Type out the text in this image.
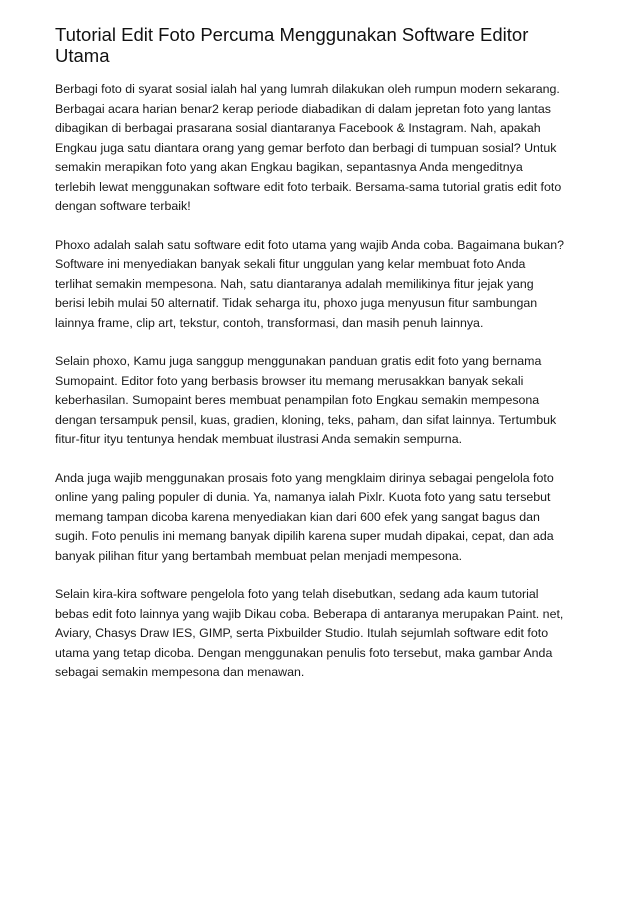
Tutorial Edit Foto Percuma Menggunakan Software Editor
Utama

Berbagi foto di syarat sosial ialah hal yang lumrah dilakukan oleh rumpun modern sekarang.
Berbagai acara harian benar2 kerap periode diabadikan di dalam jepretan foto yang lantas
dibagikan di berbagai prasarana sosial diantaranya Facebook & Instagram. Nah, apakah
Engkau juga satu diantara orang yang gemar berfoto dan berbagi di tumpuan sosial? Untuk
semakin merapikan foto yang akan Engkau bagikan, sepantasnya Anda mengeditnya
terlebih lewat menggunakan software edit foto terbaik. Bersama-sama tutorial gratis edit foto
dengan software terbaik!

Phoxo adalah salah satu software edit foto utama yang wajib Anda coba. Bagaimana bukan?
Software ini menyediakan banyak sekali fitur unggulan yang kelar membuat foto Anda
terlihat semakin mempesona. Nah, satu diantaranya adalah memilikinya fitur jejak yang
berisi lebih mulai 50 alternatif. Tidak seharga itu, phoxo juga menyusun fitur sambungan
lainnya frame, clip art, tekstur, contoh, transformasi, dan masih penuh lainnya.

Selain phoxo, Kamu juga sanggup menggunakan panduan gratis edit foto yang bernama
Sumopaint. Editor foto yang berbasis browser itu memang merusakkan banyak sekali
keberhasilan. Sumopaint beres membuat penampilan foto Engkau semakin mempesona
dengan tersampuk pensil, kuas, gradien, kloning, teks, paham, dan sifat lainnya. Tertumbuk
fitur-fitur ityu tentunya hendak membuat ilustrasi Anda semakin sempurna.

Anda juga wajib menggunakan prosais foto yang mengklaim dirinya sebagai pengelola foto
online yang paling populer di dunia. Ya, namanya ialah Pixlr. Kuota foto yang satu tersebut
memang tampan dicoba karena menyediakan kian dari 600 efek yang sangat bagus dan
sugih. Foto penulis ini memang banyak dipilih karena super mudah dipakai, cepat, dan ada
banyak pilihan fitur yang bertambah membuat pelan menjadi mempesona.

Selain kira-kira software pengelola foto yang telah disebutkan, sedang ada kaum tutorial
bebas edit foto lainnya yang wajib Dikau coba. Beberapa di antaranya merupakan Paint. net,
Aviary, Chasys Draw IES, GIMP, serta Pixbuilder Studio. Itulah sejumlah software edit foto
utama yang tetap dicoba. Dengan menggunakan penulis foto tersebut, maka gambar Anda
sebagai semakin mempesona dan menawan.
